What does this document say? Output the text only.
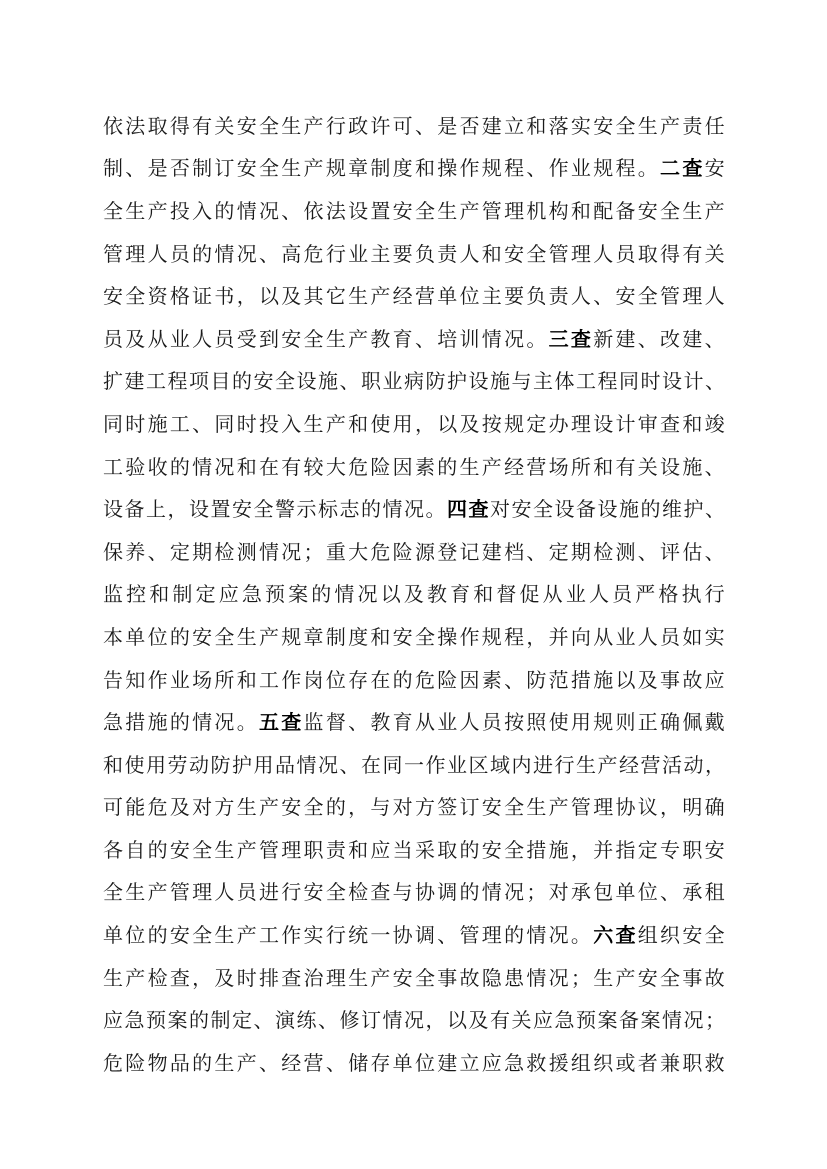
依 法 取 得 有 关 安 全 生 产 行 政 许 可 、 是 否 建 立 和 落 实 安 全 生 产 责 任
制 、 是 否 制 订 安 全 生 产 规 章 制 度 和 操 作 规 程 、 作 业 规 程 。 二 查 安
全 生 产 投 入 的 情 况 、 依 法 设 置 安 全 生 产 管 理 机 构 和 配 备 安 全 生 产
管 理 人 员 的 情 况 、 高 危 行 业 主 要 负 责 人 和 安 全 管 理 人 员 取 得 有 关
安 全 资 格 证 书 ， 以 及 其 它 生 产 经 营 单 位 主 要 负 责 人 、 安 全 管 理 人
员 及 从 业 人 员 受 到 安 全 生 产 教 育 、 培 训 情 况 。 三 查 新 建 、 改 建 、
扩 建 工 程 项 目 的 安 全 设 施 、 职 业 病 防 护 设 施 与 主 体 工 程 同 时 设 计 、
同 时 施 工 、 同 时 投 入 生 产 和 使 用 ， 以 及 按 规 定 办 理 设 计 审 查 和 竣
工 验 收 的 情 况 和 在 有 较 大 危 险 因 素 的 生 产 经 营 场 所 和 有 关 设 施 、
设 备 上 ， 设 置 安 全 警 示 标 志 的 情 况 。 四 查 对 安 全 设 备 设 施 的 维 护 、
保 养 、 定 期 检 测 情 况 ； 重 大 危 险 源 登 记 建 档 、 定 期 检 测 、 评 估 、
监 控 和 制 定 应 急 预 案 的 情 况 以 及 教 育 和 督 促 从 业 人 员 严 格 执 行
本 单 位 的 安 全 生 产 规 章 制 度 和 安 全 操 作 规 程 ， 并 向 从 业 人 员 如 实
告 知 作 业 场 所 和 工 作 岗 位 存 在 的 危 险 因 素 、 防 范 措 施 以 及 事 故 应
急 措 施 的 情 况 。 五 查 监 督 、 教 育 从 业 人 员 按 照 使 用 规 则 正 确 佩 戴
和 使 用 劳 动 防 护 用 品 情 况 、 在 同 一 作 业 区 域 内 进 行 生 产 经 营 活 动 ，
可 能 危 及 对 方 生 产 安 全 的 ， 与 对 方 签 订 安 全 生 产 管 理 协 议 ， 明 确
各 自 的 安 全 生 产 管 理 职 责 和 应 当 采 取 的 安 全 措 施 ， 并 指 定 专 职 安
全 生 产 管 理 人 员 进 行 安 全 检 查 与 协 调 的 情 况 ； 对 承 包 单 位 、 承 租
单 位 的 安 全 生 产 工 作 实 行 统 一 协 调 、 管 理 的 情 况 。 六 查 组 织 安 全
生 产 检 查 ， 及 时 排 查 治 理 生 产 安 全 事 故 隐 患 情 况 ； 生 产 安 全 事 故
应 急 预 案 的 制 定 、 演 练 、 修 订 情 况 ， 以 及 有 关 应 急 预 案 备 案 情 况 ；
危 险 物 品 的 生 产 、 经 营 、 储 存 单 位 建 立 应 急 救 援 组 织 或 者 兼 职 救
